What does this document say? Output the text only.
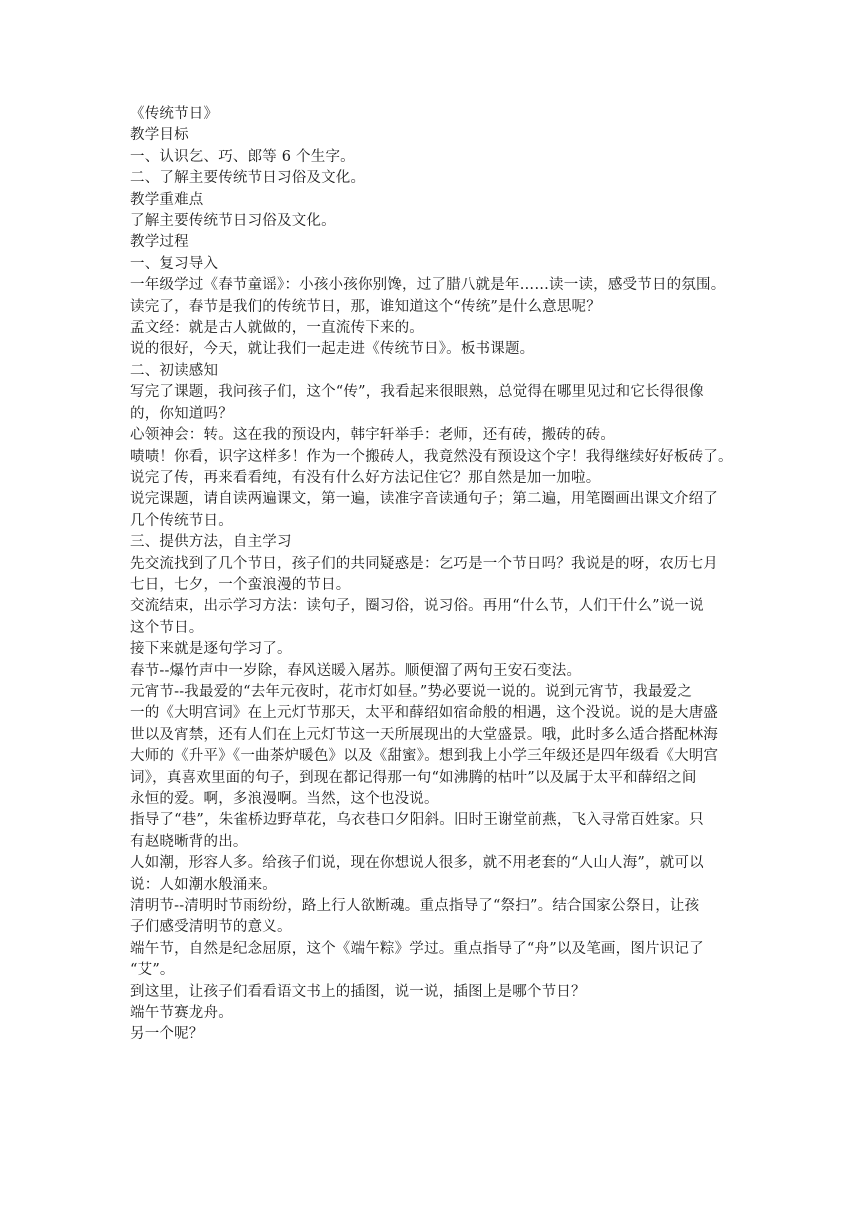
《传统节日》

教学目标

一、认识乞、巧、郎等 6 个生字。

二、了解主要传统节日习俗及文化。

教学重难点

了解主要传统节日习俗及文化。

教学过程

一、复习导入

一年级学过《春节童谣》：小孩小孩你别馋，过了腊八就是年……读一读，感受节日的氛围。

读完了，春节是我们的传统节日，那，谁知道这个“传统”是什么意思呢？

孟文经：就是古人就做的，一直流传下来的。

说的很好，今天，就让我们一起走进《传统节日》。板书课题。

二、初读感知

写完了课题，我问孩子们，这个“传”，我看起来很眼熟，总觉得在哪里见过和它长得很像

的，你知道吗？

心领神会：转。这在我的预设内，韩宇轩举手：老师，还有砖，搬砖的砖。

啧啧！你看，识字这样多！作为一个搬砖人，我竟然没有预设这个字！我得继续好好板砖了。

说完了传，再来看看纯，有没有什么好方法记住它？那自然是加一加啦。

说完课题，请自读两遍课文，第一遍，读准字音读通句子；第二遍，用笔圈画出课文介绍了

几个传统节日。

三、提供方法，自主学习

先交流找到了几个节日，孩子们的共同疑惑是：乞巧是一个节日吗？我说是的呀，农历七月

七日，七夕，一个蛮浪漫的节日。

交流结束，出示学习方法：读句子，圈习俗，说习俗。再用“什么节，人们干什么”说一说

这个节日。

接下来就是逐句学习了。

春节--爆竹声中一岁除，春风送暖入屠苏。顺便溜了两句王安石变法。

元宵节--我最爱的“去年元夜时，花市灯如昼。”势必要说一说的。说到元宵节，我最爱之

一的《大明宫词》在上元灯节那天，太平和薛绍如宿命般的相遇，这个没说。说的是大唐盛

世以及宵禁，还有人们在上元灯节这一天所展现出的大堂盛景。哦，此时多么适合搭配林海

大师的《升平》《一曲茶炉暖色》以及《甜蜜》。想到我上小学三年级还是四年级看《大明宫

词》，真喜欢里面的句子，到现在都记得那一句“如沸腾的枯叶”以及属于太平和薛绍之间

永恒的爱。啊，多浪漫啊。当然，这个也没说。

指导了“巷”，朱雀桥边野草花，乌衣巷口夕阳斜。旧时王谢堂前燕，飞入寻常百姓家。只

有赵晓晰背的出。

人如潮，形容人多。给孩子们说，现在你想说人很多，就不用老套的“人山人海”，就可以

说：人如潮水般涌来。

清明节--清明时节雨纷纷，路上行人欲断魂。重点指导了“祭扫”。结合国家公祭日，让孩

子们感受清明节的意义。

端午节，自然是纪念屈原，这个《端午粽》学过。重点指导了“舟”以及笔画，图片识记了

“艾”。

到这里，让孩子们看看语文书上的插图，说一说，插图上是哪个节日？

端午节赛龙舟。

另一个呢？
